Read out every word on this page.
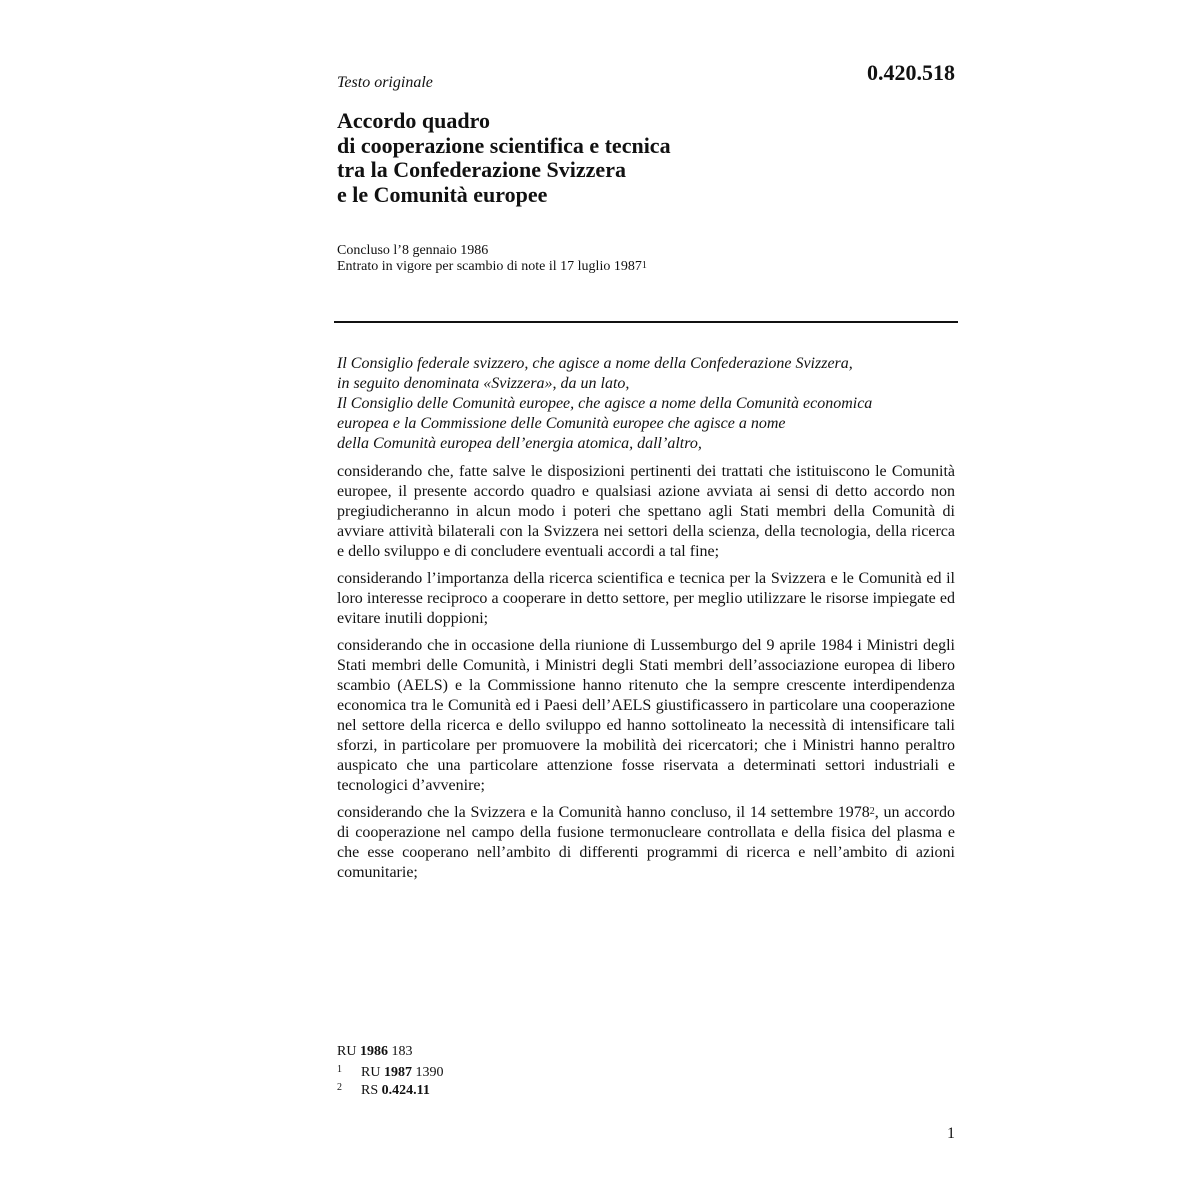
0.420.518

Testo originale

Accordo quadro
di cooperazione scientifica e tecnica
tra la Confederazione Svizzera
e le Comunità europee
Concluso l’8 gennaio 1986
Entrato in vigore per scambio di note il 17 luglio 1987$^1$
Il Consiglio federale svizzero, che agisce a nome della Confederazione Svizzera,
in seguito denominata «Svizzera», da un lato,
Il Consiglio delle Comunità europee, che agisce a nome della Comunità economica
europea e la Commissione delle Comunità europee che agisce a nome
della Comunità europea dell’energia atomica, dall’altro,

considerando che, fatte salve le disposizioni pertinenti dei trattati che istituiscono le Comunità europee, il presente accordo quadro e qualsiasi azione avviata ai sensi di detto accordo non pregiudicheranno in alcun modo i poteri che spettano agli Stati membri della Comunità di avviare attività bilaterali con la Svizzera nei settori della scienza, della tecnologia, della ricerca e dello sviluppo e di concludere eventuali accordi a tal fine;

considerando l’importanza della ricerca scientifica e tecnica per la Svizzera e le Comunità ed il loro interesse reciproco a cooperare in detto settore, per meglio utilizzare le risorse impiegate ed evitare inutili doppioni;

considerando che in occasione della riunione di Lussemburgo del 9 aprile 1984 i Ministri degli Stati membri delle Comunità, i Ministri degli Stati membri dell’associazione europea di libero scambio (AELS) e la Commissione hanno ritenuto che la sempre crescente interdipendenza economica tra le Comunità ed i Paesi dell’AELS giustificassero in particolare una cooperazione nel settore della ricerca e dello sviluppo ed hanno sottolineato la necessità di intensificare tali sforzi, in particolare per promuovere la mobilità dei ricercatori; che i Ministri hanno peraltro auspicato che una particolare attenzione fosse riservata a determinati settori industriali e tecnologici d’avvenire;

considerando che la Svizzera e la Comunità hanno concluso, il 14 settembre 1978$^2$, un accordo di cooperazione nel campo della fusione termonucleare controllata e della fisica del plasma e che esse cooperano nell’ambito di differenti programmi di ricerca e nell’ambito di azioni comunitarie;

RU 1986 183

1	RU 1987 1390
2	RS 0.424.11

1
